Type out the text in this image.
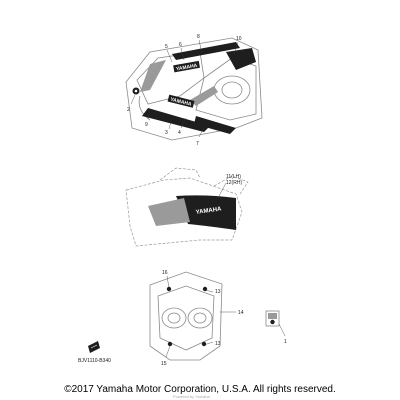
YAMAHA
YAMAHA
5 6
8	10
2
9
3 4
7
YAMAHA
11(LH)
12(RH)
16
13
14
13
15
1
BJV1110-B340
©2017 Yamaha Motor Corporation, U.S.A. All rights reserved.
Powered by Yamaha
